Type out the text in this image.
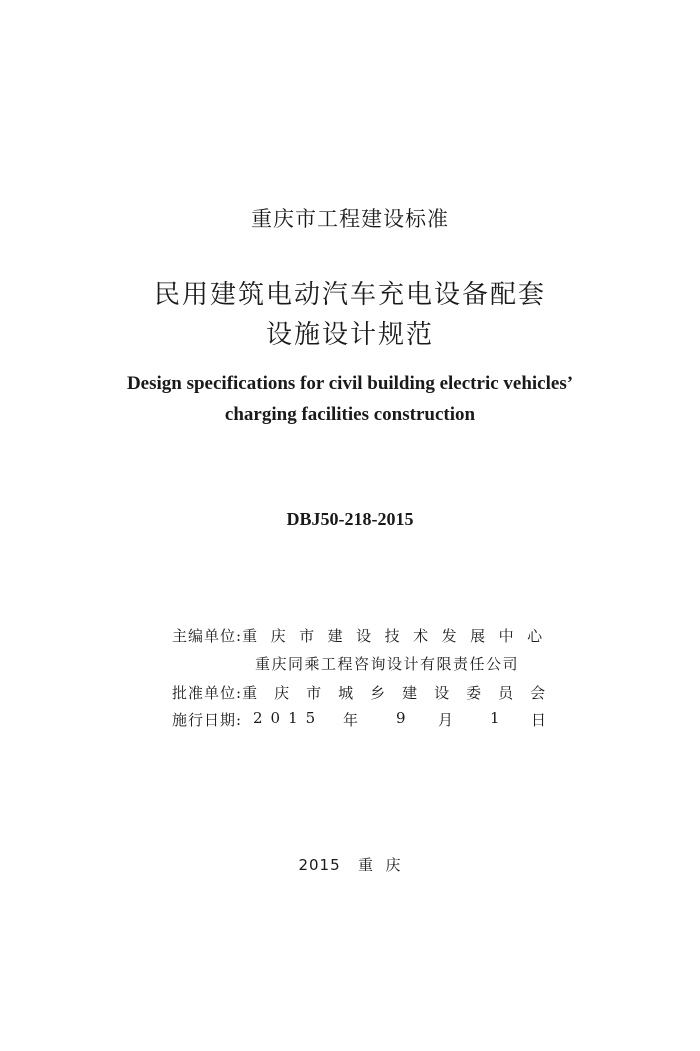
重庆市工程建设标准
民用建筑电动汽车充电设备配套
设施设计规范
Design specifications for civil building electric vehicles’
charging facilities construction
DBJ50-218-2015
主编单位:重庆市建设技术发展中心
重庆同乘工程咨询设计有限责任公司
批准单位:重庆市城乡建设委员会
施行日期: 2015 年	9 月 1 日
2015 重  庆
